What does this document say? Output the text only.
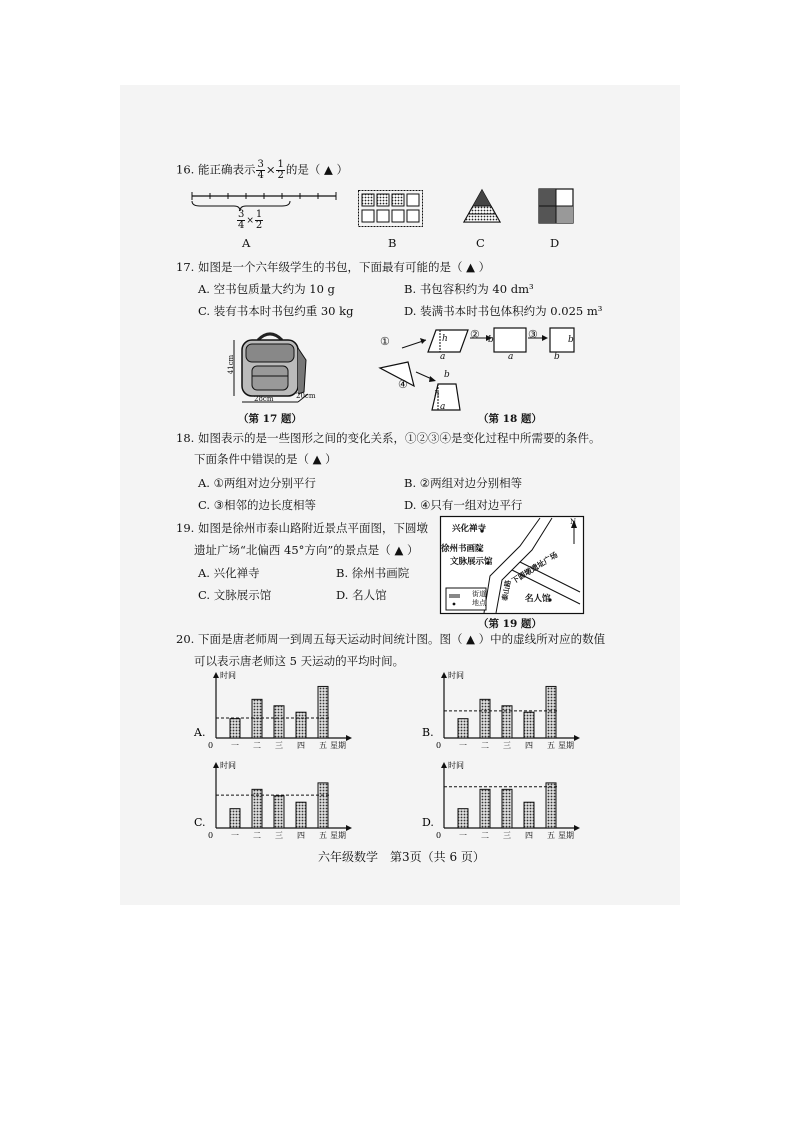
16. 能正确表示 $\frac{3}{4} \times \frac{1}{2}$ 的是（ ▲ ）
$\frac{3}{4} \times \frac{1}{2}$
A	B	C	D
17. 如图是一个六年级学生的书包，下面最有可能的是（ ▲ ）
A. 空书包质量大约为 10 g	B. 书包容积约为 40 dm³
C. 装有书本时书包约重 30 kg	D. 装满书本时书包体积约为 0.025 m³
41cm
28cm	20cm
（第 17 题）
①
②	③
④
h
a
b
a
b
b
b
h
a
（第 18 题）
18. 如图表示的是一些图形之间的变化关系，①②③④是变化过程中所需要的条件。
下面条件中错误的是（ ▲ ）
A. ①两组对边分别平行	B. ②两组对边分别相等
C. ③相邻的边长度相等	D. ④只有一组对边平行
19. 如图是徐州市泰山路附近景点平面图，下圆墩
遗址广场“北偏西 45°方向”的景点是（ ▲ ）
A. 兴化禅寺	B. 徐州书画院
C. 文脉展示馆	D. 名人馆
N
兴化禅寺
徐州书画院
文脉展示馆
名人馆
下圆墩遗址广场
泰山路
街道
地点
（第 19 题）
20. 下面是唐老师周一到周五每天运动时间统计图。图（ ▲ ）中的虚线所对应的数值
可以表示唐老师这 5 天运动的平均时间。
A.
时间
0 一 二 三 四 五 星期
B.
时间
0 一 二 三 四 五 星期
C.
时间
0 一 二 三 四 五 星期
D.
时间
0 一 二 三 四 五 星期
六年级数学　第3页（共 6 页）
